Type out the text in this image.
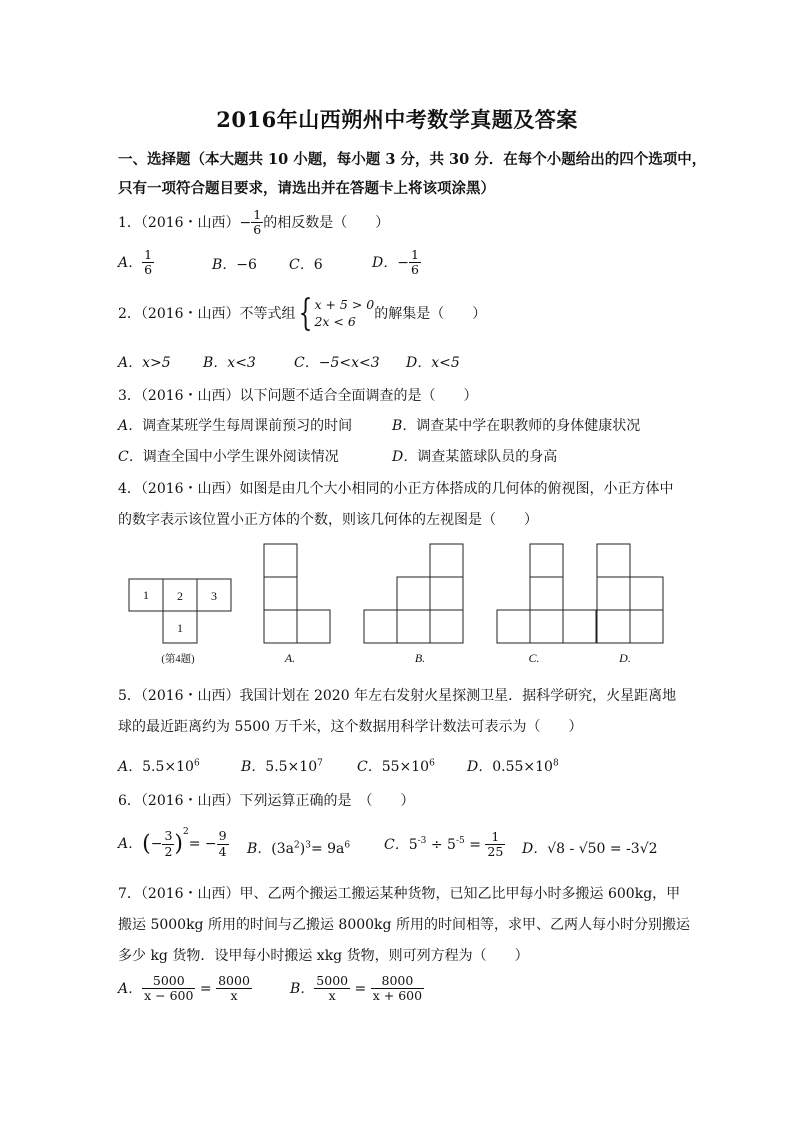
2016年山西朔州中考数学真题及答案
一、选择题（本大题共 10 小题，每小题 3 分，共 30 分．在每个小题给出的四个选项中，
只有一项符合题目要求，请选出并在答题卡上将该项涂黑）
1．（2016・山西）− $\frac{1}{6}$ 的相反数是（　　）
A． $\frac{1}{6}$	B．−6 C．6	D．− $\frac{1}{6}$
2．（2016・山西）不等式组{ x + 5 > 0
2x < 6	的解集是（　　）
A．x>5 B．x<3	C．−5<x<3 D．x<5
3．（2016・山西）以下问题不适合全面调查的是（　　）
A．调查某班学生每周课前预习的时间	B．调查某中学在职教师的身体健康状况
C．调查全国中小学生课外阅读情况	D．调查某篮球队员的身高
4．（2016・山西）如图是由几个大小相同的小正方体搭成的几何体的俯视图，小正方体中
的数字表示该位置小正方体的个数，则该几何体的左视图是（　　）
1 2 3
1
(第4题)	A.	B.	C.	D.
5．（2016・山西）我国计划在 2020 年左右发射火星探测卫星．据科学研究，火星距离地
球的最近距离约为 5500 万千米，这个数据用科学计数法可表示为（　　）
A．$5.5\times 10^6$	B．$5.5\times 10^7$ C．$55\times 10^6$ D．$0.55\times 10^8$
6．（2016・山西）下列运算正确的是　（　　）
A．(− $\frac{3}{2} )^2= - \frac{9}{4}$ B．$(3a^2)^3= 9a^6$ C．$5^{-3} \div 5^{-5} = \frac{1}{25}$ D．√8 - √50 = -3√2
7．（2016・山西）甲、乙两个搬运工搬运某种货物，已知乙比甲每小时多搬运 600kg，甲
搬运 5000kg 所用的时间与乙搬运 8000kg 所用的时间相等，求甲、乙两人每小时分别搬运
多少 kg 货物．设甲每小时搬运 xkg 货物，则可列方程为（　　）
A． $\frac{5000}{x - 600} = \frac{8000}{x}$	B． $\frac{5000}{x} = \frac{8000}{x + 600}$
